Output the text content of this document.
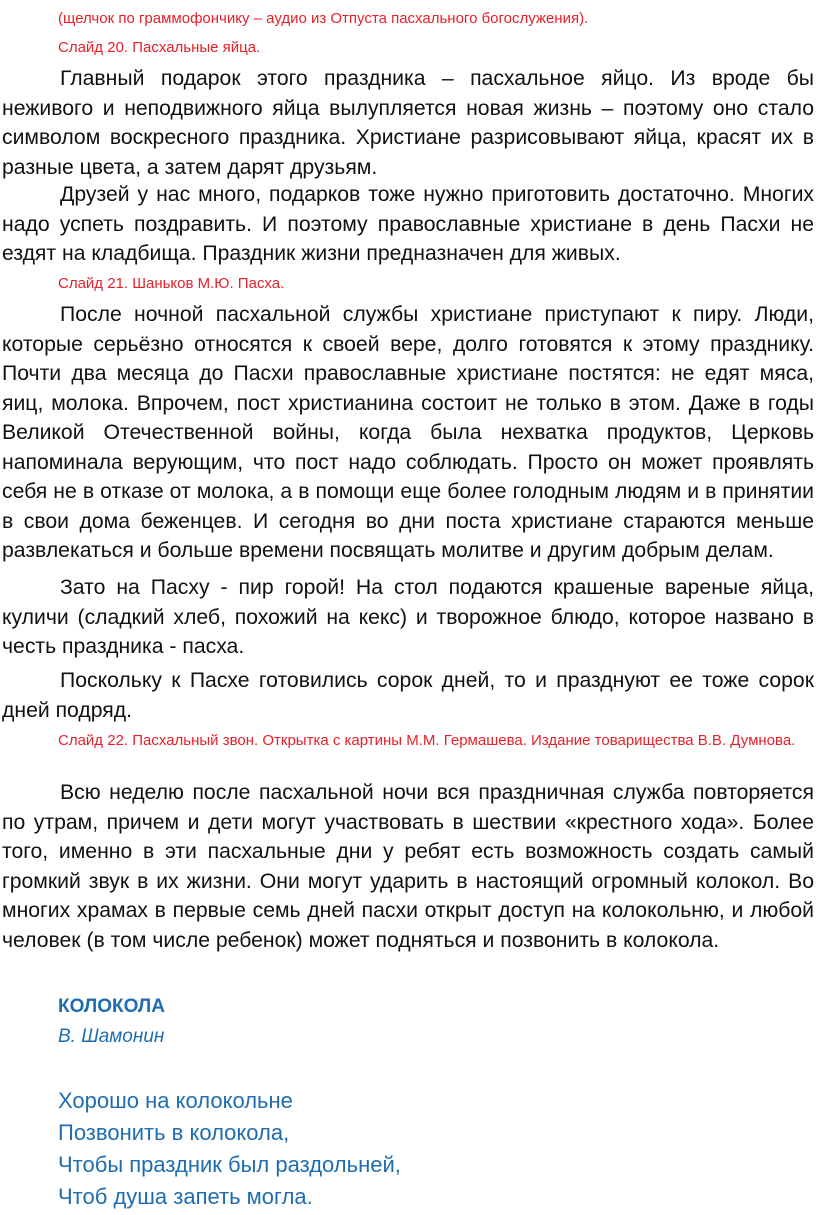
(щелчок по граммофончику – аудио из Отпуста пасхального богослужения).

Слайд 20. Пасхальные яйца.

Главный подарок этого праздника – пасхальное яйцо. Из вроде бы неживого и неподвижного яйца вылупляется новая жизнь – поэтому оно стало символом воскресного праздника. Христиане разрисовывают яйца, красят их в разные цвета, а затем дарят друзьям.

Друзей у нас много, подарков тоже нужно приготовить достаточно. Многих надо успеть поздравить. И поэтому православные христиане в день Пасхи не ездят на кладбища. Праздник жизни предназначен для живых.

Слайд 21. Шаньков М.Ю. Пасха.

После ночной пасхальной службы христиане приступают к пиру. Люди, которые серьёзно относятся к своей вере, долго готовятся к этому празднику. Почти два месяца до Пасхи православные христиане постятся: не едят мяса, яиц, молока. Впрочем, пост христианина состоит не только в этом. Даже в годы Великой Отечественной войны, когда была нехватка продуктов, Церковь напоминала верующим, что пост надо соблюдать. Просто он может проявлять себя не в отказе от молока, а в помощи еще более голодным людям и в принятии в свои дома беженцев. И сегодня во дни поста христиане стараются меньше развлекаться и больше времени посвящать молитве и другим добрым делам.

Зато на Пасху - пир горой! На стол подаются крашеные вареные яйца, куличи (сладкий хлеб, похожий на кекс) и творожное блюдо, которое названо в честь праздника - пасха.

Поскольку к Пасхе готовились сорок дней, то и празднуют ее тоже сорок дней подряд.

Слайд 22. Пасхальный звон. Открытка с картины М.М. Гермашева. Издание товарищества В.В. Думнова.

Всю неделю после пасхальной ночи вся праздничная служба повторяется по утрам, причем и дети могут участвовать в шествии «крестного хода». Более того, именно в эти пасхальные дни у ребят есть возможность создать самый громкий звук в их жизни. Они могут ударить в настоящий огромный колокол. Во многих храмах в первые семь дней пасхи открыт доступ на колокольню, и любой человек (в том числе ребенок) может подняться и позвонить в колокола.

КОЛОКОЛА

В. Шамонин

Хорошо на колокольне

Позвонить в колокола,

Чтобы праздник был раздольней,

Чтоб душа запеть могла.
